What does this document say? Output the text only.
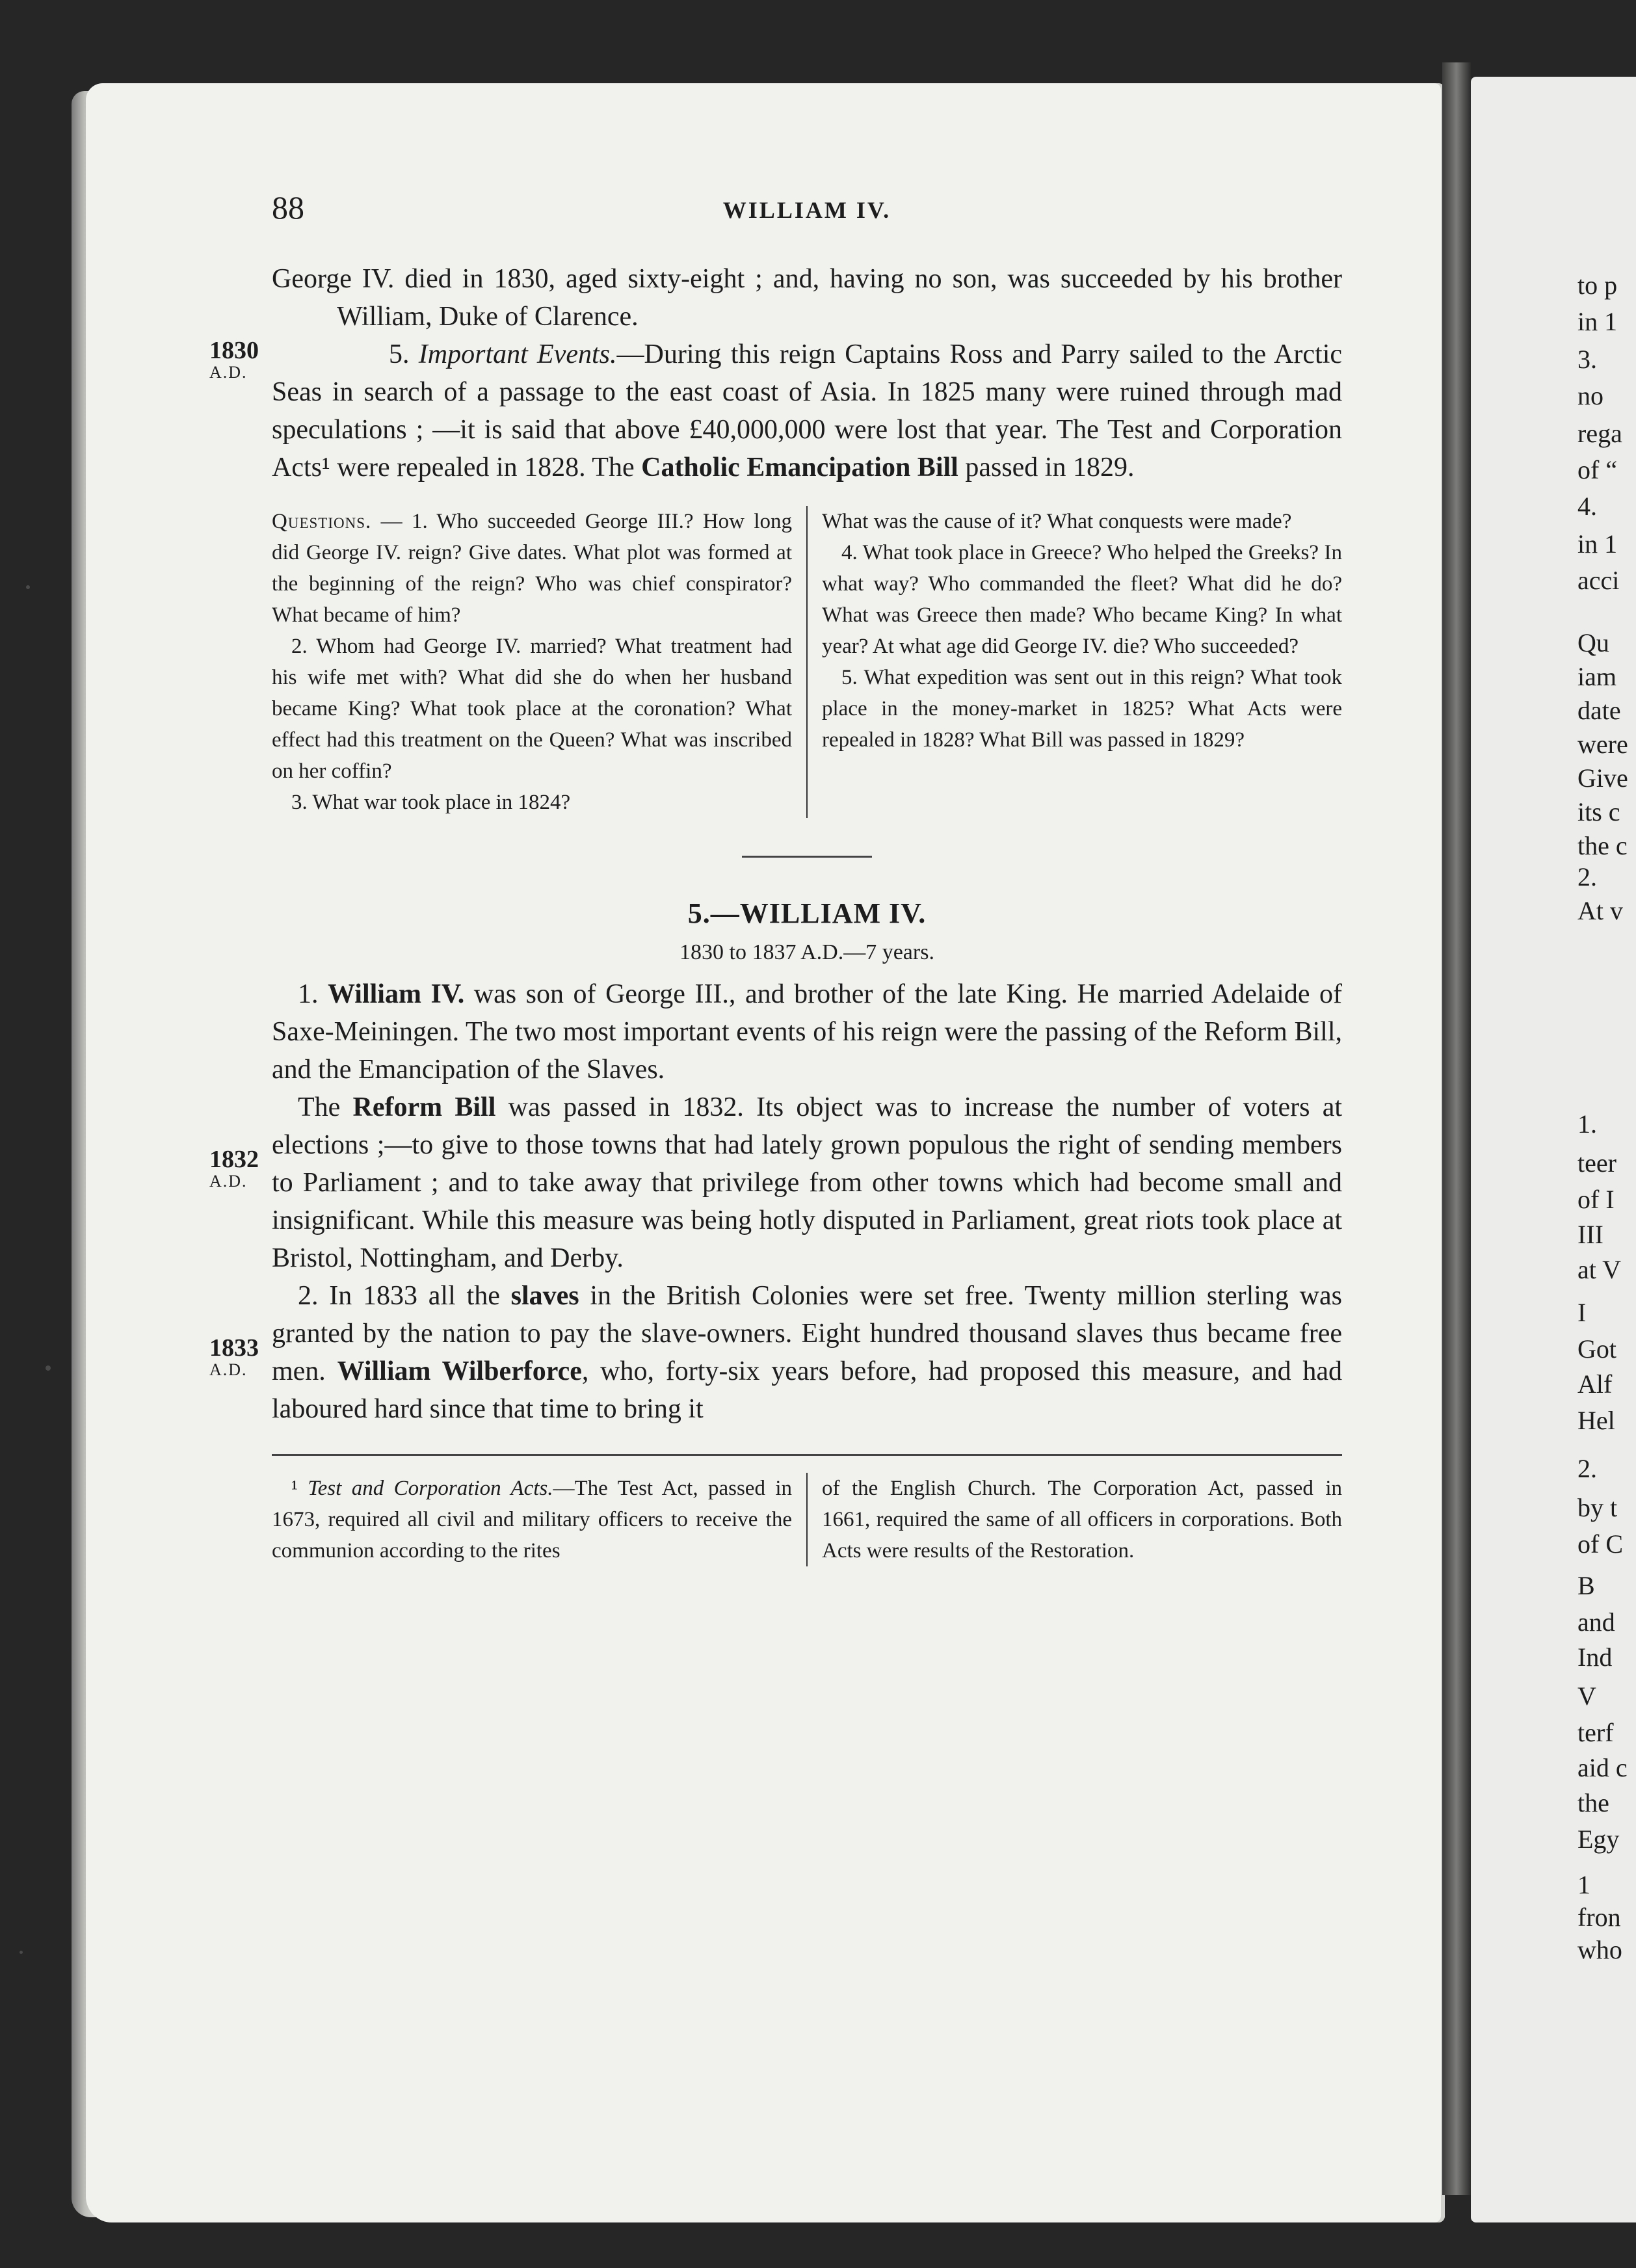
88	WILLIAM IV.
George IV. died in 1830, aged sixty-eight ; and, having no son, was succeeded by his brother William, Duke of Clarence.
1830
A.D.
5. Important Events.—During this reign Captains Ross and Parry sailed to the Arctic Seas in search of a passage to the east coast of Asia. In 1825 many were ruined through mad speculations ; —it is said that above £40,000,000 were lost that year. The Test and Corporation Acts¹ were repealed in 1828. The Catholic Emancipation Bill passed in 1829.
Questions. — 1. Who succeeded George III.? How long did George IV. reign? Give dates. What plot was formed at the beginning of the reign? Who was chief conspirator? What became of him?
2. Whom had George IV. married? What treatment had his wife met with? What did she do when her husband became King? What took place at the coronation? What effect had this treatment on the Queen? What was inscribed on her coffin?
3. What war took place in 1824?
What was the cause of it? What conquests were made?
4. What took place in Greece? Who helped the Greeks? In what way? Who commanded the fleet? What did he do? What was Greece then made? Who became King? In what year? At what age did George IV. die? Who succeeded?
5. What expedition was sent out in this reign? What took place in the money-market in 1825? What Acts were repealed in 1828? What Bill was passed in 1829?
5.—WILLIAM IV.
1830 to 1837 A.D.—7 years.
1. William IV. was son of George III., and brother of the late King. He married Adelaide of Saxe-Meiningen. The two most important events of his reign were the passing of the Reform Bill, and the Emancipation of the Slaves.
1832
A.D.
The Reform Bill was passed in 1832. Its object was to increase the number of voters at elections ;—to give to those towns that had lately grown populous the right of sending members to Parliament ; and to take away that privilege from other towns which had become small and insignificant. While this measure was being hotly disputed in Parliament, great riots took place at Bristol, Nottingham, and Derby.
1833
A.D.
2. In 1833 all the slaves in the British Colonies were set free. Twenty million sterling was granted by the nation to pay the slave-owners. Eight hundred thousand slaves thus became free men. William Wilberforce, who, forty-six years before, had proposed this measure, and had laboured hard since that time to bring it
¹ Test and Corporation Acts.—The Test Act, passed in 1673, required all civil and military officers to receive the communion according to the rites
of the English Church. The Corporation Act, passed in 1661, required the same of all officers in corporations. Both Acts were results of the Restoration.
to p
in 1
3.
no
rega
of “
4.
in 1
acci
Qu
iam
date
were
Give
its c
the c
2.
At v
1.
teer
of I
III
at V
I
Got
Alf
Hel
2.
by t
of C
B
and
Ind
V
terf
aid c
the
Egy
1
fron
who
